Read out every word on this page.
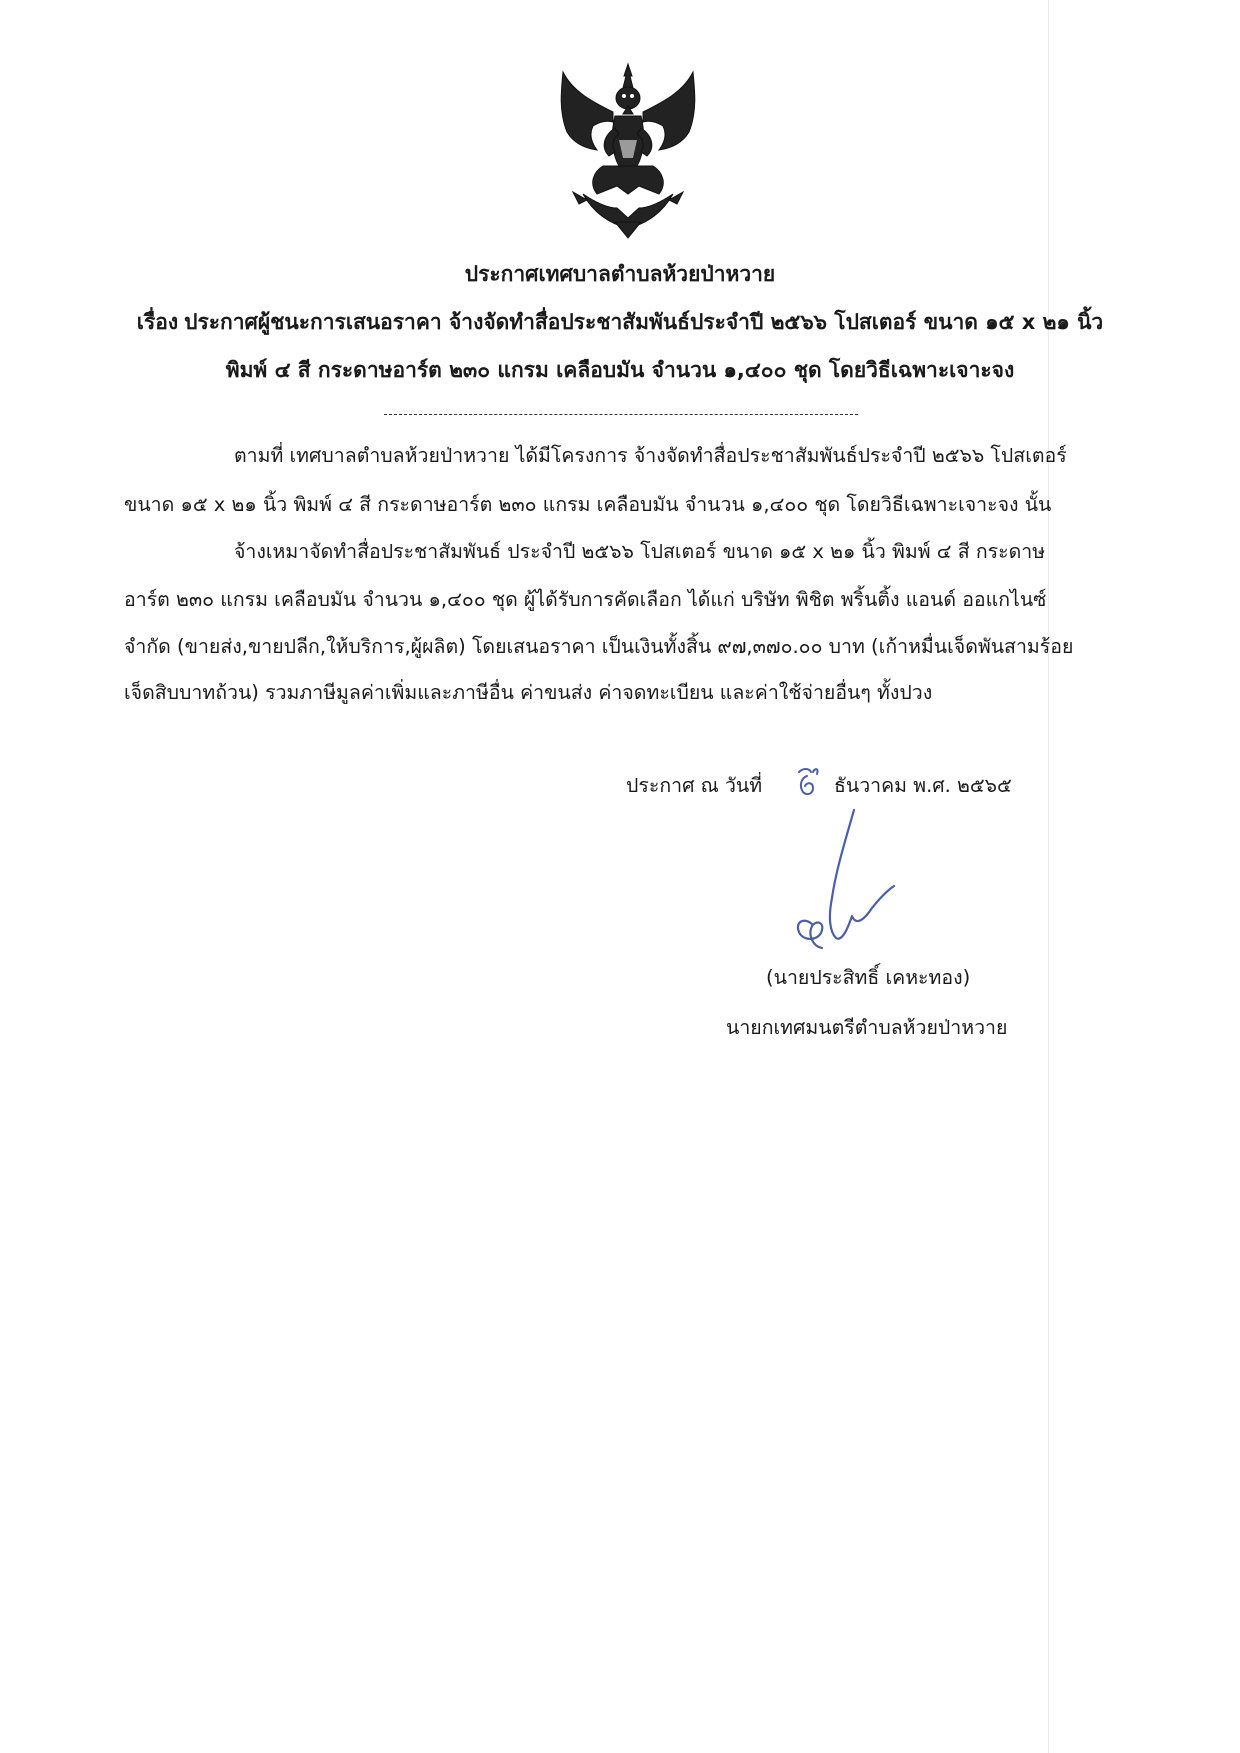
ประกาศเทศบาลตำบลห้วยป่าหวาย
เรื่อง ประกาศผู้ชนะการเสนอราคา จ้างจัดทำสื่อประชาสัมพันธ์ประจำปี ๒๕๖๖ โปสเตอร์ ขนาด ๑๕ x ๒๑ นิ้ว
พิมพ์ ๔ สี กระดาษอาร์ต ๒๓๐ แกรม เคลือบมัน จำนวน ๑,๔๐๐ ชุด โดยวิธีเฉพาะเจาะจง
ตามที่ เทศบาลตำบลห้วยป่าหวาย ได้มีโครงการ จ้างจัดทำสื่อประชาสัมพันธ์ประจำปี ๒๕๖๖ โปสเตอร์
ขนาด ๑๕ x ๒๑ นิ้ว พิมพ์ ๔ สี กระดาษอาร์ต ๒๓๐ แกรม เคลือบมัน จำนวน ๑,๔๐๐ ชุด โดยวิธีเฉพาะเจาะจง นั้น
จ้างเหมาจัดทำสื่อประชาสัมพันธ์ ประจำปี ๒๕๖๖ โปสเตอร์ ขนาด ๑๕ x ๒๑ นิ้ว พิมพ์ ๔ สี กระดาษ
อาร์ต ๒๓๐ แกรม เคลือบมัน จำนวน ๑,๔๐๐ ชุด ผู้ได้รับการคัดเลือก ได้แก่ บริษัท พิชิต พริ้นติ้ง แอนด์ ออแกไนซ์
จำกัด (ขายส่ง,ขายปลีก,ให้บริการ,ผู้ผลิต) โดยเสนอราคา เป็นเงินทั้งสิ้น ๙๗,๓๗๐.๐๐ บาท (เก้าหมื่นเจ็ดพันสามร้อย
เจ็ดสิบบาทถ้วน) รวมภาษีมูลค่าเพิ่มและภาษีอื่น ค่าขนส่ง ค่าจดทะเบียน และค่าใช้จ่ายอื่นๆ ทั้งปวง
ประกาศ ณ วันที่	ธันวาคม พ.ศ. ๒๕๖๕
(นายประสิทธิ์ เคหะทอง)
นายกเทศมนตรีตำบลห้วยป่าหวาย
